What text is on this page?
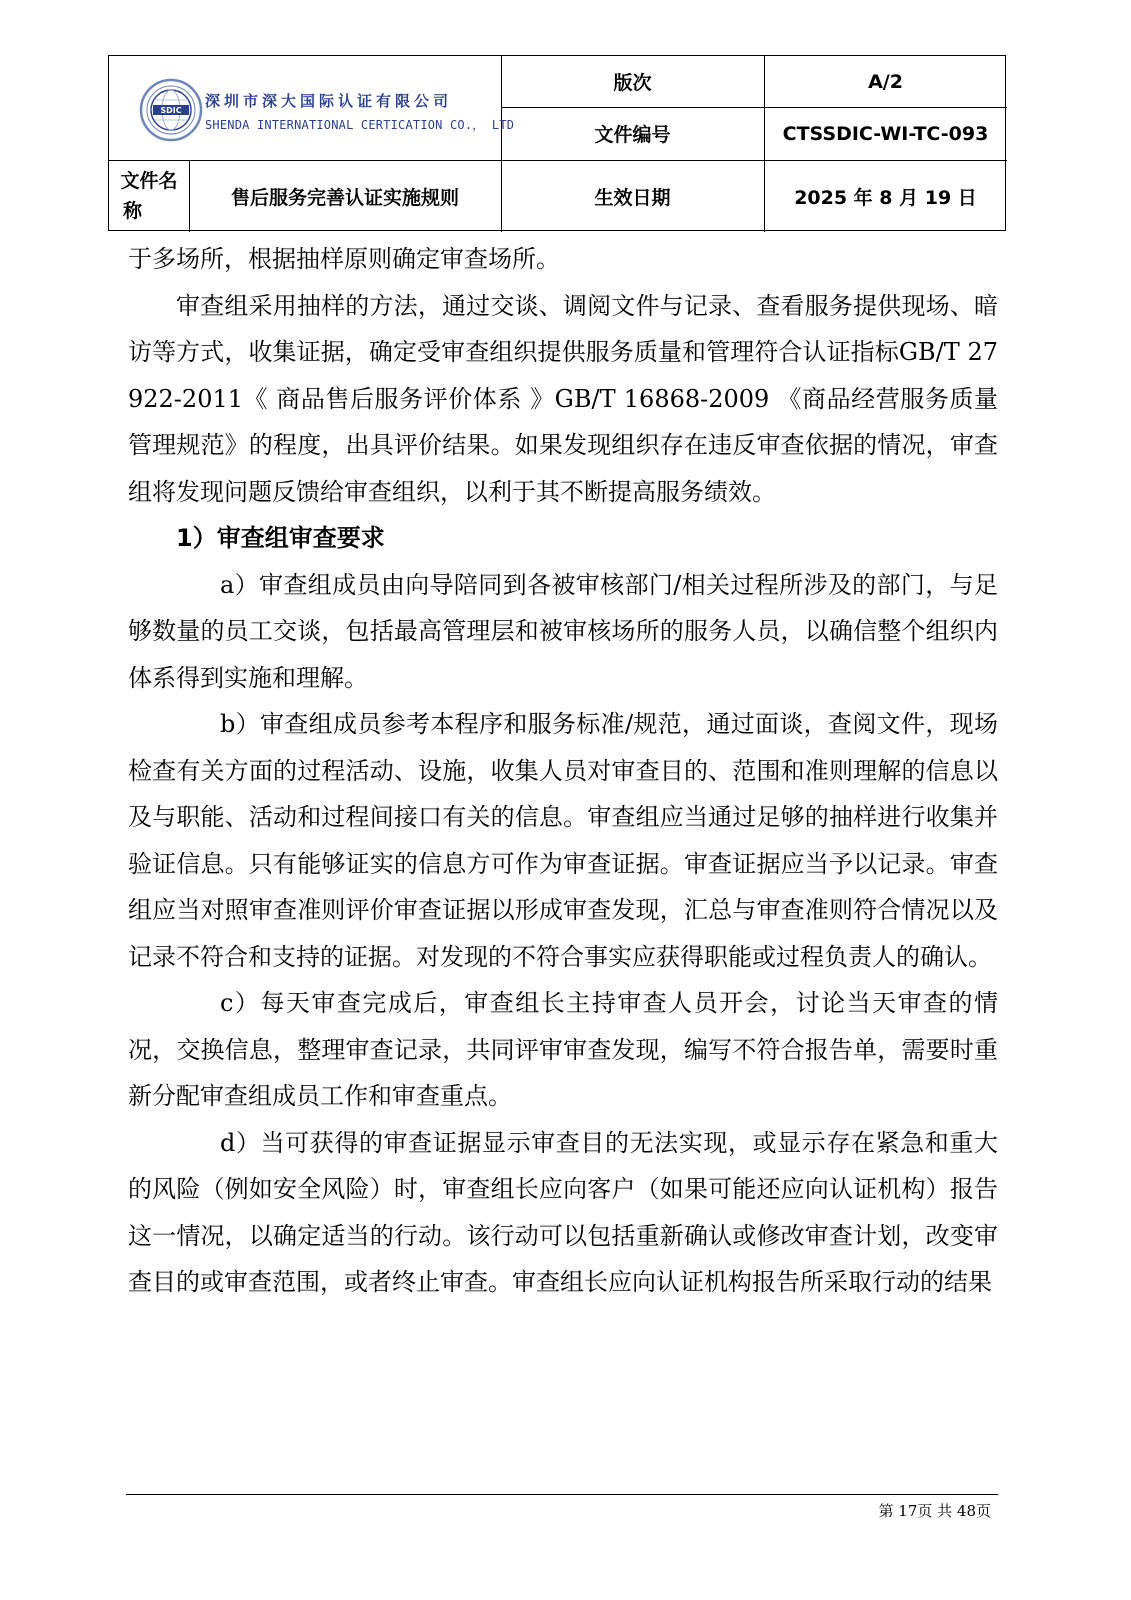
SDIC
深圳市深大国际认证有限公司
SHENDA INTERNATIONAL CERTICATION CO.， LTD
版次	A/2
文件编号	CTSSDIC-WI-TC-093
文件名
称
售后服务完善认证实施规则	生效日期	2025 年 8 月 19 日

于多场所，根据抽样原则确定审查场所。

审查组采用抽样的方法，通过交谈、调阅文件与记录、查看服务提供现场、暗访等方式，收集证据，确定受审查组织提供服务质量和管理符合认证指标GB/T 27922-2011《 商品售后服务评价体系 》GB/T 16868-2009 《商品经营服务质量管理规范》的程度，出具评价结果。如果发现组织存在违反审查依据的情况，审查组将发现问题反馈给审查组织，以利于其不断提高服务绩效。

1）审查组审查要求

a）审查组成员由向导陪同到各被审核部门/相关过程所涉及的部门，与足够数量的员工交谈，包括最高管理层和被审核场所的服务人员，以确信整个组织内体系得到实施和理解。

b）审查组成员参考本程序和服务标准/规范，通过面谈，查阅文件，现场检查有关方面的过程活动、设施，收集人员对审查目的、范围和准则理解的信息以及与职能、活动和过程间接口有关的信息。审查组应当通过足够的抽样进行收集并验证信息。只有能够证实的信息方可作为审查证据。审查证据应当予以记录。审查组应当对照审查准则评价审查证据以形成审查发现，汇总与审查准则符合情况以及记录不符合和支持的证据。对发现的不符合事实应获得职能或过程负责人的确认。

c）每天审查完成后，审查组长主持审查人员开会，讨论当天审查的情况，交换信息，整理审查记录，共同评审审查发现，编写不符合报告单，需要时重新分配审查组成员工作和审查重点。

d）当可获得的审查证据显示审查目的无法实现，或显示存在紧急和重大的风险（例如安全风险）时，审查组长应向客户（如果可能还应向认证机构）报告这一情况，以确定适当的行动。该行动可以包括重新确认或修改审查计划，改变审查目的或审查范围，或者终止审查。审查组长应向认证机构报告所采取行动的结果

第 17页 共 48页
